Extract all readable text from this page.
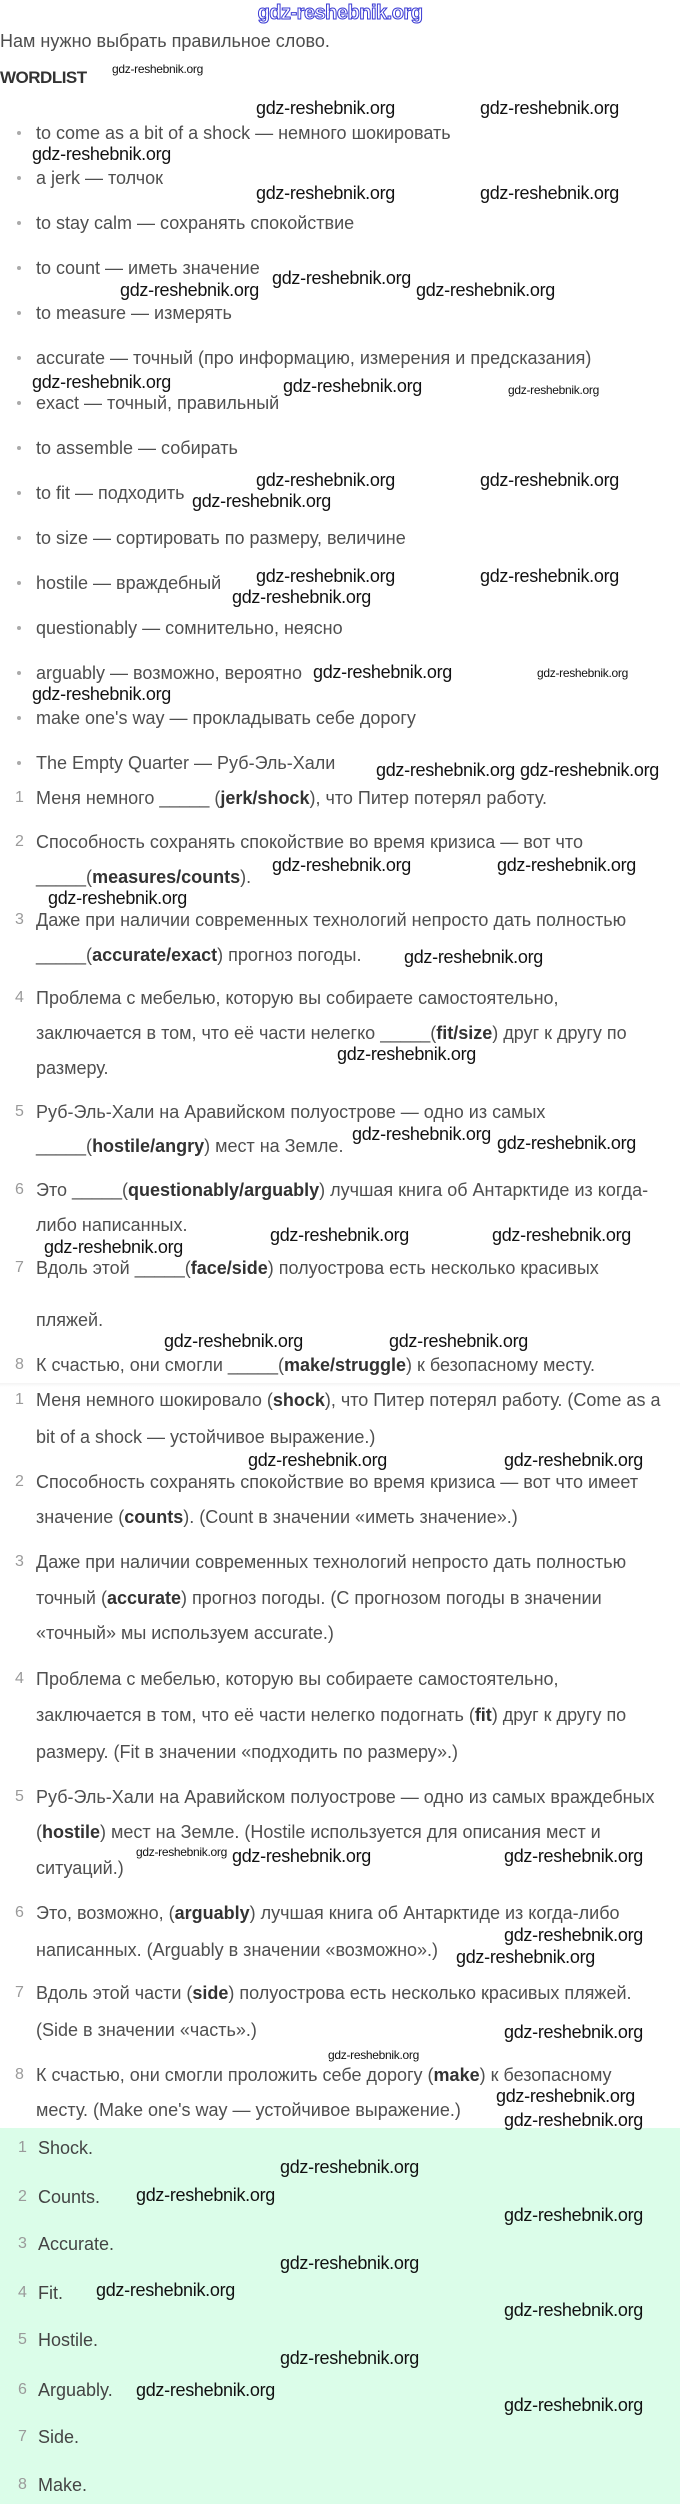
gdz-reshebnik.org
Нам нужно выбрать правильное слово.
WORDLIST
to come as a bit of a shock — немного шокировать
a jerk — толчок
to stay calm — сохранять спокойствие
to count — иметь значение
to measure — измерять
accurate — точный (про информацию, измерения и предсказания)
exact — точный, правильный
to assemble — собирать
to fit — подходить
to size — сортировать по размеру, величине
hostile — враждебный
questionably — сомнительно, неясно
arguably — возможно, вероятно
make one's way — прокладывать себе дорогу
The Empty Quarter — Руб-Эль-Хали
1 Меня немного _____ (jerk/shock), что Питер потерял работу.
2 Способность сохранять спокойствие во время кризиса — вот что
_____(measures/counts).
3 Даже при наличии современных технологий непросто дать полностью
_____(accurate/exact) прогноз погоды.
4 Проблема с мебелью, которую вы собираете самостоятельно,
заключается в том, что её части нелегко _____(fit/size) друг к другу по
размеру.
5 Руб-Эль-Хали на Аравийском полуострове — одно из самых
_____(hostile/angry) мест на Земле.
6 Это _____(questionably/arguably) лучшая книга об Антарктиде из когда-
либо написанных.
7 Вдоль этой _____(face/side) полуострова есть несколько красивых
пляжей.
8 К счастью, они смогли _____(make/struggle) к безопасному месту.
1 Меня немного шокировало (shock), что Питер потерял работу. (Come as a
bit of a shock — устойчивое выражение.)
2 Способность сохранять спокойствие во время кризиса — вот что имеет
значение (counts). (Count в значении «иметь значение».)
3 Даже при наличии современных технологий непросто дать полностью
точный (accurate) прогноз погоды. (С прогнозом погоды в значении
«точный» мы используем accurate.)
4 Проблема с мебелью, которую вы собираете самостоятельно,
заключается в том, что её части нелегко подогнать (fit) друг к другу по
размеру. (Fit в значении «подходить по размеру».)
5 Руб-Эль-Хали на Аравийском полуострове — одно из самых враждебных
(hostile) мест на Земле. (Hostile используется для описания мест и
ситуаций.)
6 Это, возможно, (arguably) лучшая книга об Антарктиде из когда-либо
написанных. (Arguably в значении «возможно».)
7 Вдоль этой части (side) полуострова есть несколько красивых пляжей.
(Side в значении «часть».)
8 К счастью, они смогли проложить себе дорогу (make) к безопасному
месту. (Make one's way — устойчивое выражение.)
1 Shock.
2 Counts.
3 Accurate.
4 Fit.
5 Hostile.
6 Arguably.
7 Side.
8 Make.
gdz-reshebnik.org
gdz-reshebnik.org	gdz-reshebnik.org
gdz-reshebnik.org
gdz-reshebnik.org	gdz-reshebnik.org
gdz-reshebnik.org
gdz-reshebnik.org
gdz-reshebnik.org
gdz-reshebnik.org	gdz-reshebnik.org	gdz-reshebnik.org
gdz-reshebnik.org	gdz-reshebnik.org
gdz-reshebnik.org
gdz-reshebnik.org	gdz-reshebnik.org
gdz-reshebnik.org
gdz-reshebnik.org	gdz-reshebnik.org
gdz-reshebnik.org
gdz-reshebnik.org gdz-reshebnik.org
gdz-reshebnik.org	gdz-reshebnik.org
gdz-reshebnik.org
gdz-reshebnik.org
gdz-reshebnik.org
gdz-reshebnik.org gdz-reshebnik.org
gdz-reshebnik.org	gdz-reshebnik.org
gdz-reshebnik.org
gdz-reshebnik.org	gdz-reshebnik.org
gdz-reshebnik.org	gdz-reshebnik.org
gdz-reshebnik.org gdz-reshebnik.org	gdz-reshebnik.org
gdz-reshebnik.org
gdz-reshebnik.org
gdz-reshebnik.org
gdz-reshebnik.org
gdz-reshebnik.org
gdz-reshebnik.org
gdz-reshebnik.org
gdz-reshebnik.org
gdz-reshebnik.org
gdz-reshebnik.org
gdz-reshebnik.org
gdz-reshebnik.org
gdz-reshebnik.org
gdz-reshebnik.org
gdz-reshebnik.org
